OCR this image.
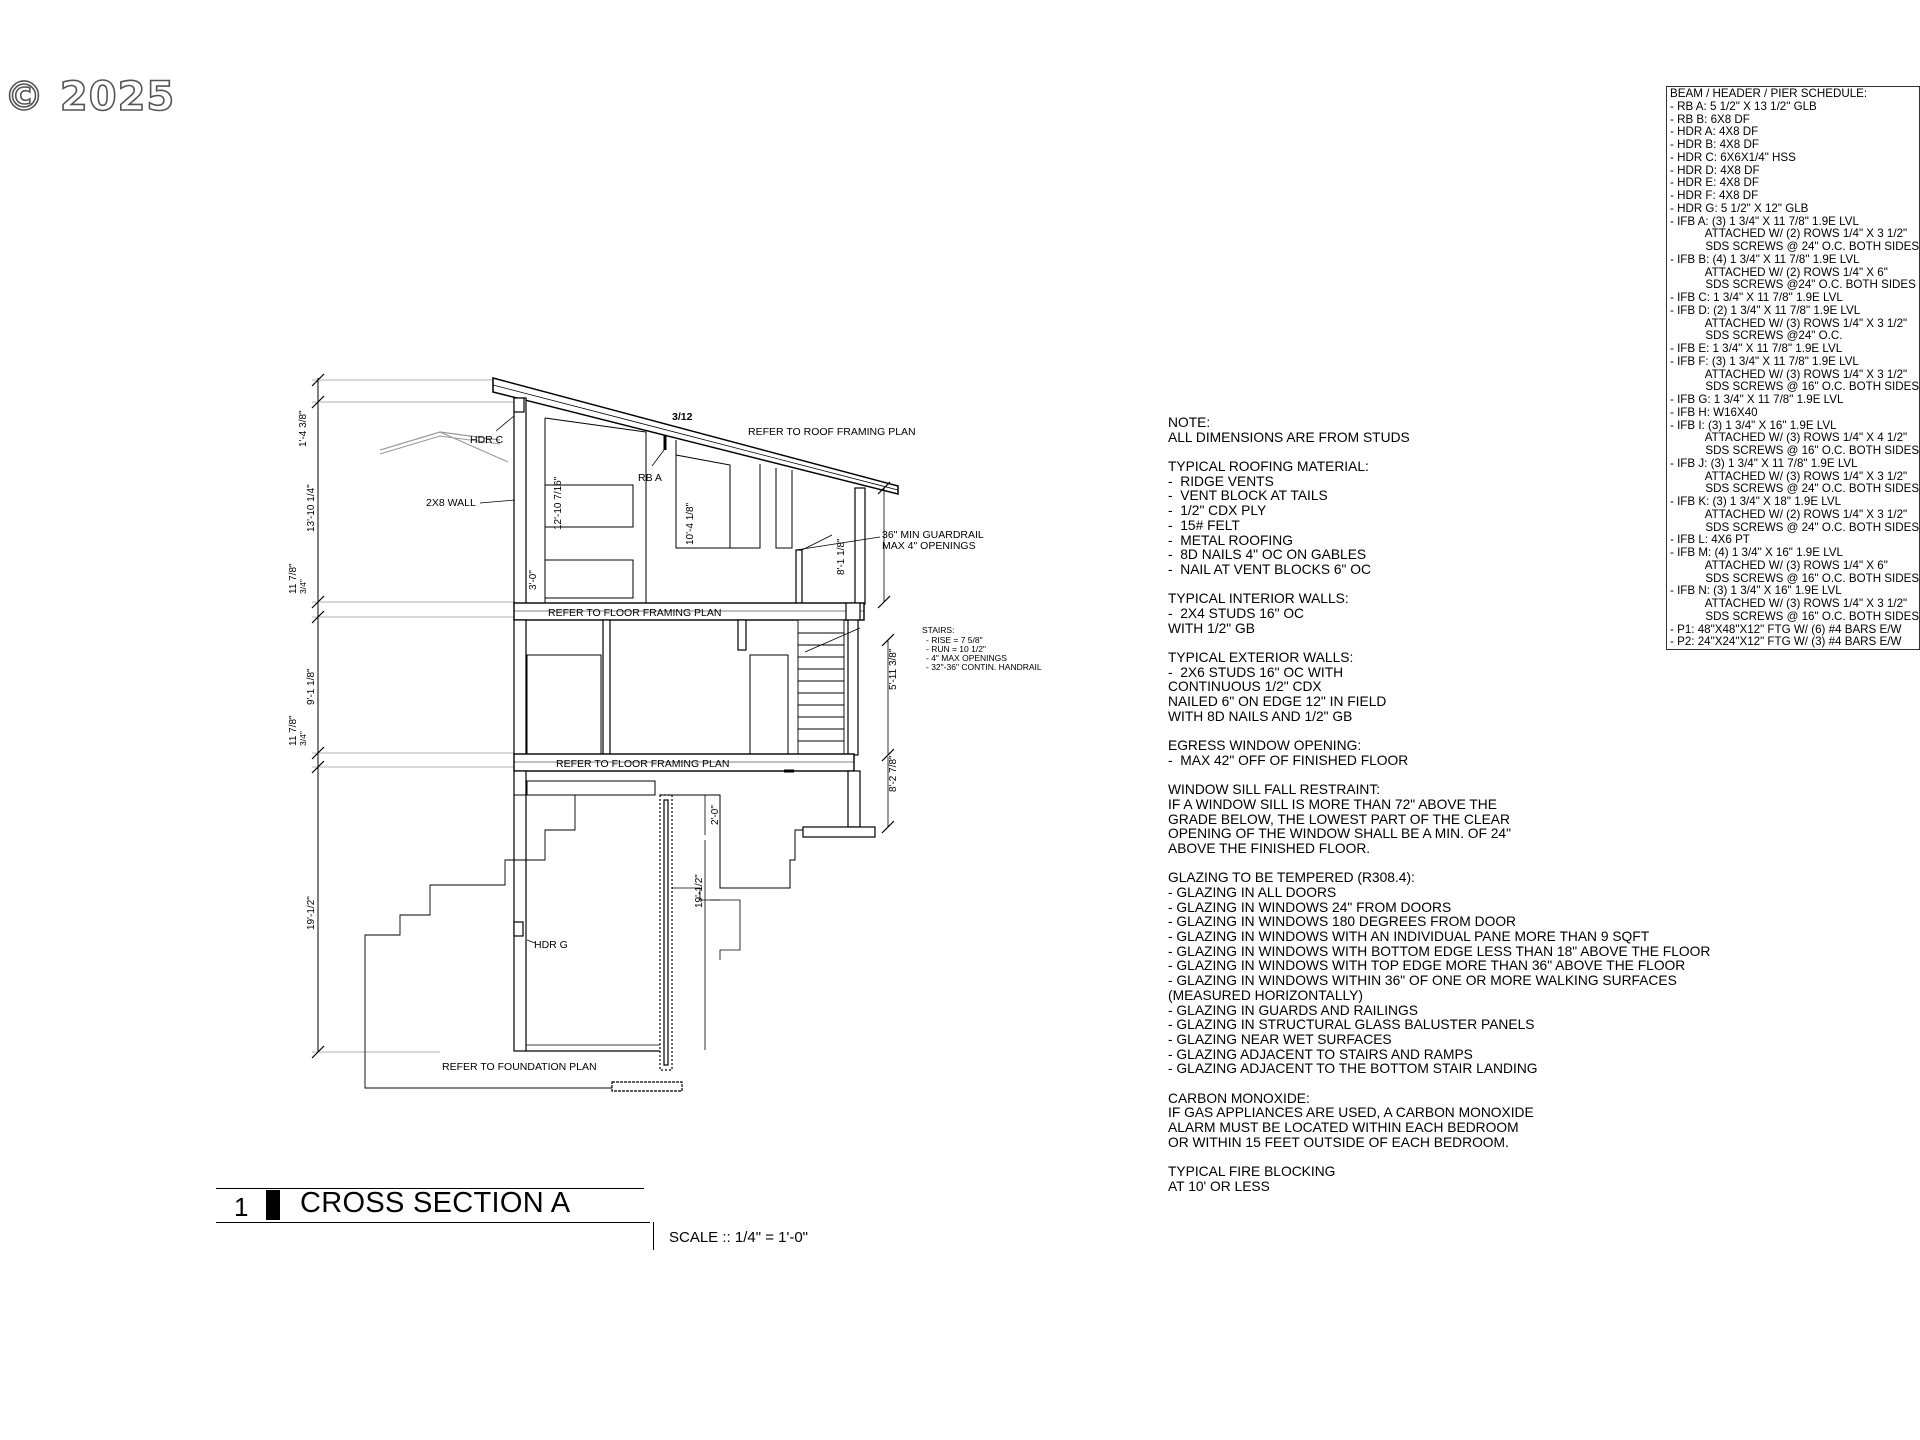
© 2025	BEAM / HEADER / PIER SCHEDULE:
- RB A: 5 1/2" X 13 1/2" GLB
- RB B: 6X8 DF
- HDR A: 4X8 DF
- HDR B: 4X8 DF
- HDR C: 6X6X1/4" HSS
- HDR D: 4X8 DF
- HDR E: 4X8 DF
- HDR F: 4X8 DF
- HDR G: 5 1/2" X 12" GLB
- IFB A: (3) 1 3/4" X 11 7/8" 1.9E LVL
ATTACHED W/ (2) ROWS 1/4" X 3 1/2"
SDS SCREWS @ 24" O.C. BOTH SIDES
- IFB B: (4) 1 3/4" X 11 7/8" 1.9E LVL
ATTACHED W/ (2) ROWS 1/4" X 6"
SDS SCREWS @24" O.C. BOTH SIDES
- IFB C: 1 3/4" X 11 7/8" 1.9E LVL
- IFB D: (2) 1 3/4" X 11 7/8" 1.9E LVL
ATTACHED W/ (3) ROWS 1/4" X 3 1/2"
SDS SCREWS @24" O.C.
- IFB E: 1 3/4" X 11 7/8" 1.9E LVL
- IFB F: (3) 1 3/4" X 11 7/8" 1.9E LVL
ATTACHED W/ (3) ROWS 1/4" X 3 1/2"
SDS SCREWS @ 16" O.C. BOTH SIDES
- IFB G: 1 3/4" X 11 7/8" 1.9E LVL
- IFB H: W16X40
- IFB I: (3) 1 3/4" X 16" 1.9E LVL
ATTACHED W/ (3) ROWS 1/4" X 4 1/2"
SDS SCREWS @ 16" O.C. BOTH SIDES
- IFB J: (3) 1 3/4" X 11 7/8" 1.9E LVL
ATTACHED W/ (3) ROWS 1/4" X 3 1/2"
SDS SCREWS @ 24" O.C. BOTH SIDES
- IFB K: (3) 1 3/4" X 18" 1.9E LVL
ATTACHED W/ (2) ROWS 1/4" X 3 1/2"
SDS SCREWS @ 24" O.C. BOTH SIDES
- IFB L: 4X6 PT
- IFB M: (4) 1 3/4" X 16" 1.9E LVL
ATTACHED W/ (3) ROWS 1/4" X 6"
SDS SCREWS @ 16" O.C. BOTH SIDES
- IFB N: (3) 1 3/4" X 16" 1.9E LVL
ATTACHED W/ (3) ROWS 1/4" X 3 1/2"
SDS SCREWS @ 16" O.C. BOTH SIDES
- P1: 48"X48"X12" FTG W/ (6) #4 BARS E/W
- P2: 24"X24"X12" FTG W/ (3) #4 BARS E/W
NOTE:
ALL DIMENSIONS ARE FROM STUDS
TYPICAL ROOFING MATERIAL:
-  RIDGE VENTS
-  VENT BLOCK AT TAILS
-  1/2" CDX PLY
-  15# FELT
-  METAL ROOFING
-  8D NAILS 4" OC ON GABLES
-  NAIL AT VENT BLOCKS 6" OC
TYPICAL INTERIOR WALLS:
-  2X4 STUDS 16" OC
WITH 1/2" GB
TYPICAL EXTERIOR WALLS:
-  2X6 STUDS 16" OC WITH
CONTINUOUS 1/2" CDX
NAILED 6" ON EDGE 12" IN FIELD
WITH 8D NAILS AND 1/2" GB
EGRESS WINDOW OPENING:
-  MAX 42" OFF OF FINISHED FLOOR
WINDOW SILL FALL RESTRAINT:
IF A WINDOW SILL IS MORE THAN 72" ABOVE THE
GRADE BELOW, THE LOWEST PART OF THE CLEAR
OPENING OF THE WINDOW SHALL BE A MIN. OF 24"
ABOVE THE FINISHED FLOOR.
GLAZING TO BE TEMPERED (R308.4):
- GLAZING IN ALL DOORS
- GLAZING IN WINDOWS 24" FROM DOORS
- GLAZING IN WINDOWS 180 DEGREES FROM DOOR
- GLAZING IN WINDOWS WITH AN INDIVIDUAL PANE MORE THAN 9 SQFT
- GLAZING IN WINDOWS WITH BOTTOM EDGE LESS THAN 18" ABOVE THE FLOOR
- GLAZING IN WINDOWS WITH TOP EDGE MORE THAN 36" ABOVE THE FLOOR
- GLAZING IN WINDOWS WITHIN 36" OF ONE OR MORE WALKING SURFACES
(MEASURED HORIZONTALLY)
- GLAZING IN GUARDS AND RAILINGS
- GLAZING IN STRUCTURAL GLASS BALUSTER PANELS
- GLAZING NEAR WET SURFACES
- GLAZING ADJACENT TO STAIRS AND RAMPS
- GLAZING ADJACENT TO THE BOTTOM STAIR LANDING
CARBON MONOXIDE:
IF GAS APPLIANCES ARE USED, A CARBON MONOXIDE
ALARM MUST BE LOCATED WITHIN EACH BEDROOM
OR WITHIN 15 FEET OUTSIDE OF EACH BEDROOM.
TYPICAL FIRE BLOCKING
AT 10' OR LESS
3/12
REFER TO ROOF FRAMING PLAN
HDR C
RB A
2X8 WALL
36" MIN GUARDRAIL
MAX 4" OPENINGS
REFER TO FLOOR FRAMING PLAN
REFER TO FLOOR FRAMING PLAN
REFER TO FOUNDATION PLAN
HDR G
STAIRS:
- RISE = 7 5/8"
- RUN = 10 1/2"
- 4" MAX OPENINGS
- 32"-36" CONTIN. HANDRAIL
1'-4 3/8"
13'-10 1/4"
11 7/8" 3/4"
9'-1 1/8"
11 7/8" 3/4"
19'-1/2"
12'-10 7/16"
3'-0"
10'-4 1/8"
8'-1 1/8"
5'-11 3/8"
8'-2 7/8"
2'-0"
19'-1/2"
1 CROSS SECTION A
SCALE :: 1/4" = 1'-0"
